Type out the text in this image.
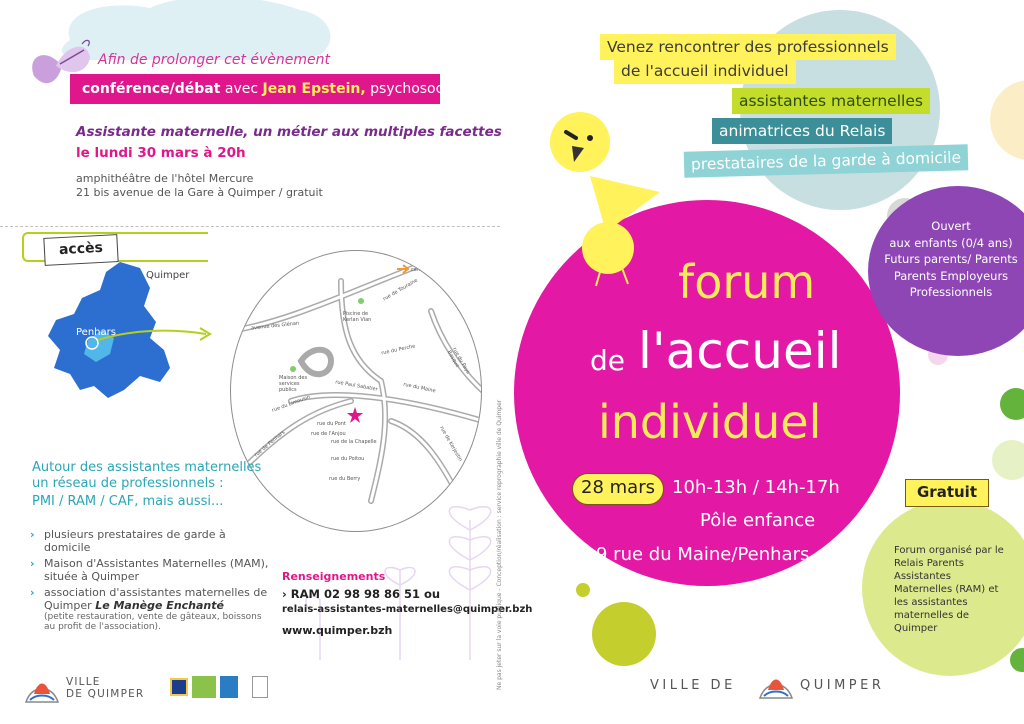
Afin de prolonger cet évènement
conférence/débat avec Jean Epstein, psychosociologue
Assistante maternelle, un métier aux multiples facettes
le lundi 30 mars à 20h
amphithéâtre de l'hôtel Mercure
21 bis avenue de la Gare à Quimper / gratuit
accès
Quimper
Penhars
Piscine de Kerlan Vian
Maison des services publics
centre-ville
avenue des Glénan
rue Paul Sabatier	rue du Maine
rue de Penhars	rue de la Chapelle
rue du Pont
rue du Poitou
rue du Berry
rue de l'Anjou
rue du Limousin
rue de Kerjestin
rue du Pays Basque
rue du Perche
rue de Touraine
Autour des assistantes maternelles
un réseau de professionnels :
PMI / RAM / CAF, mais aussi...
› plusieurs prestataires de garde à domicile
› Maison d'Assistantes Maternelles (MAM), située à Quimper
› association d'assistantes maternelles de Quimper Le Manège Enchanté
(petite restauration, vente de gâteaux, boissons au profit de l'association).
Renseignements
› RAM 02 98 98 86 51 ou
relais-assistantes-maternelles@quimper.bzh
www.quimper.bzh	Ne pas jeter sur la voie publique - Conception/réalisation : service reprographie ville de Quimper
VILLE
DE QUIMPER
Venez rencontrer des professionnels
de l'accueil individuel
assistantes maternelles
animatrices du Relais
prestataires de la garde à domicile
forum
de l'accueil
individuel
28 mars 10h-13h / 14h-17h
Pôle enfance
9 rue du Maine/Penhars
Ouvert
aux enfants (0/4 ans)
Futurs parents/ Parents
Parents Employeurs
Professionnels
Gratuit
Forum organisé par le Relais Parents Assistantes Maternelles (RAM) et les assistantes maternelles de Quimper
VILLE DE	QUIMPER
